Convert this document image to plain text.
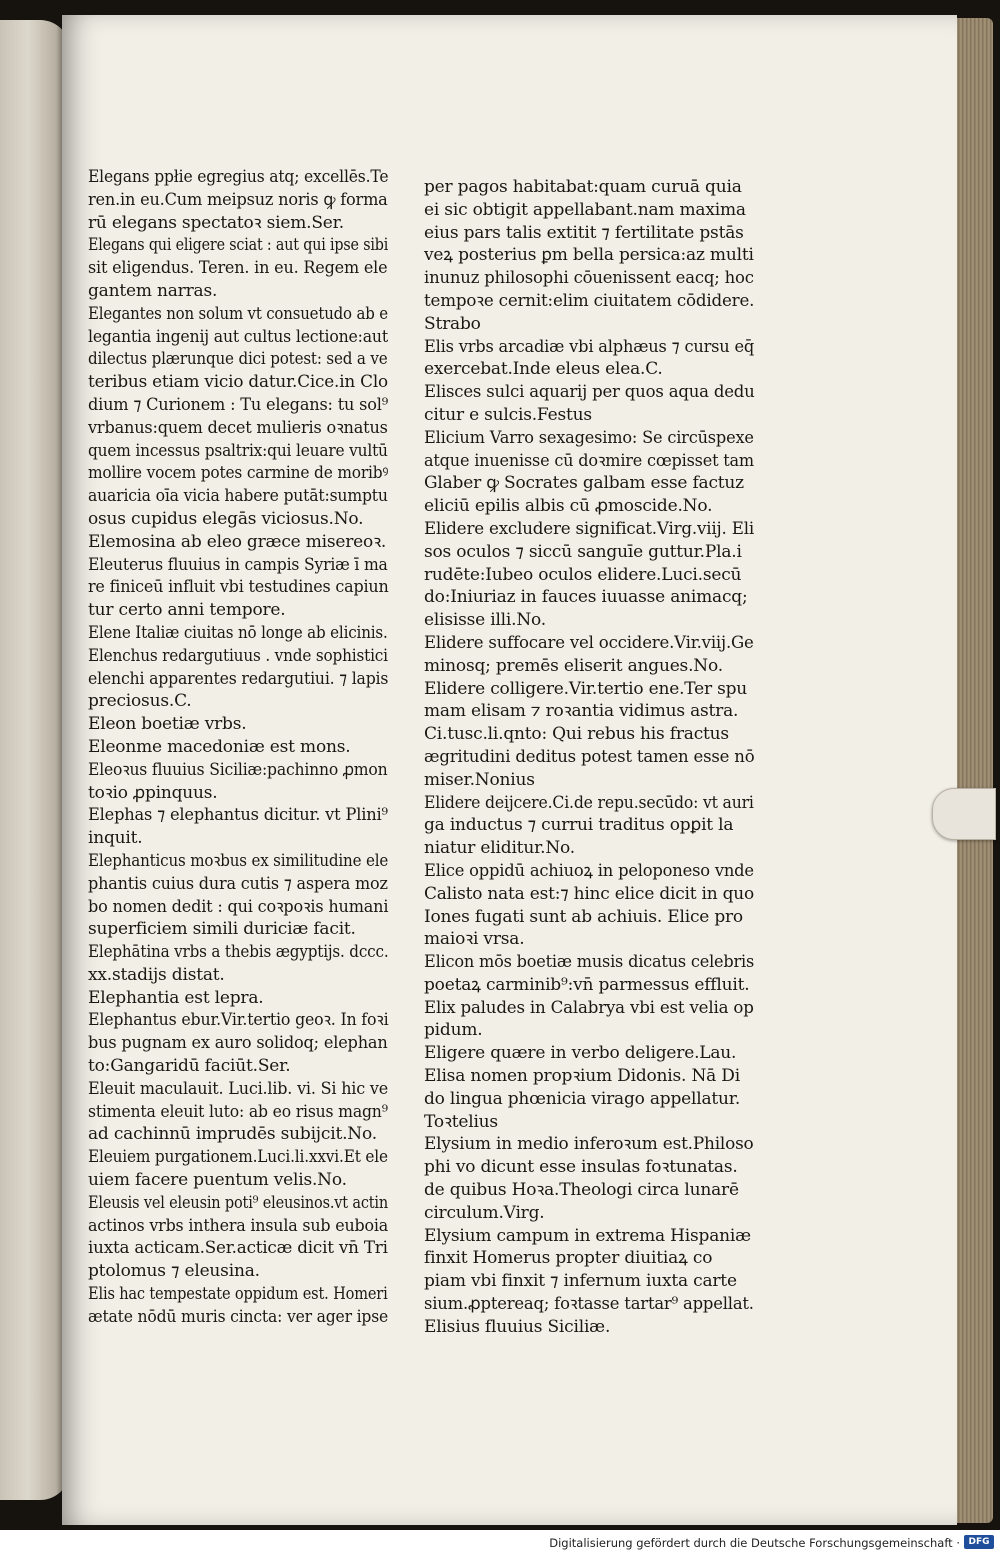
Elegans ppłie egregius atq; excellēs.Te
ren.in eu.Cum meipsuz noris ꝙ forma
rū elegans spectatoꝛ siem.Ser.
Elegans qui eligere sciat : aut qui ipse sibi
sit eligendus. Teren. in eu. Regem ele
gantem narras.
Elegantes non solum vt consuetudo ab e
legantia ingenij aut cultus lectione:aut
dilectus plærunque dici potest: sed a ve
teribus etiam vicio datur.Cice.in Clo
dium ⁊ Curionem : Tu elegans: tu sol⁹
vrbanus:quem decet mulieris oꝛnatus
quem incessus psaltrix:qui leuare vultū
mollire vocem potes carmine de moribꝰ
auaricia oīa vicia habere putāt:sumptu
osus cupidus elegās viciosus.No.
Elemosina ab eleo græce misereoꝛ.
Eleuterus fluuius in campis Syriæ ī ma
re finiceū influit vbi testudines capiun
tur certo anni tempore.
Elene Italiæ ciuitas nō longe ab elicinis.
Elenchus redargutiuus . vnde sophistici
elenchi apparentes redargutiui. ⁊ lapis
preciosus.C.
Eleon boetiæ vrbs.
Eleonme macedoniæ est mons.
Eleoꝛus fluuius Siciliæ:pachinno ꝓmon
toꝛio ꝓpinquus.
Elephas ⁊ elephantus dicitur. vt Plini⁹
inquit.
Elephanticus moꝛbus ex similitudine ele
phantis cuius dura cutis ⁊ aspera moz
bo nomen dedit : qui coꝛpoꝛis humani
superficiem simili duriciæ facit.
Elephātina vrbs a thebis ægyptijs. dccc.
xx.stadijs distat.
Elephantia est lepra.
Elephantus ebur.Vir.tertio geoꝛ. In foꝛi
bus pugnam ex auro solidoq; elephan
to:Gangaridū faciūt.Ser.
Eleuit maculauit. Luci.lib. vi. Si hic ve
stimenta eleuit luto: ab eo risus magn⁹
ad cachinnū imprudēs subijcit.No.
Eleuiem purgationem.Luci.li.xxvi.Et ele
uiem facere puentum velis.No.
Eleusis vel eleusin poti⁹ eleusinos.vt actin
actinos vrbs inthera insula sub euboia
iuxta acticam.Ser.acticæ dicit vn̄ Tri
ptolomus ⁊ eleusina.
Elis hac tempestate oppidum est. Homeri
ætate nōdū muris cincta: ver ager ipse
per pagos habitabat:quam curuā quia
ei sic obtigit appellabant.nam maxima
eius pars talis extitit ⁊ fertilitate pstās
veꝝ posterius ꝑm bella persica:az multi
inunuz philosophi cōuenissent eacq; hoc
tempoꝛe cernit:elim ciuitatem cōdidere.
Strabo
Elis vrbs arcadiæ vbi alphæus ⁊ cursu eq̄
exercebat.Inde eleus elea.C.
Elisces sulci aquarij per quos aqua dedu
citur e sulcis.Festus
Elicium Varro sexagesimo: Se circūspexe
atque inuenisse cū doꝛmire cœpisset tam
Glaber ꝙ Socrates galbam esse factuz
eliciū epilis albis cū ꝓmoscide.No.
Elidere excludere significat.Virg.viij. Eli
sos oculos ⁊ siccū sanguīe guttur.Pla.i
rudēte:Iubeo oculos elidere.Luci.secū
do:Iniuriaz in fauces iuuasse animacq;
elisisse illi.No.
Elidere suffocare vel occidere.Vir.viij.Ge
minosq; premēs eliserit angues.No.
Elidere colligere.Vir.tertio ene.Ter spu
mam elisam ⁊ roꝛantia vidimus astra.
Ci.tusc.li.qnto: Qui rebus his fractus
ægritudini deditus potest tamen esse nō
miser.Nonius
Elidere deijcere.Ci.de repu.secūdo: vt auri
ga inductus ⁊ currui traditus opꝑit la
niatur eliditur.No.
Elice oppidū achiuoꝝ in peloponeso vnde
Calisto nata est:⁊ hinc elice dicit in quo
Iones fugati sunt ab achiuis. Elice pro
maioꝛi vrsa.
Elicon mōs boetiæ musis dicatus celebris
poetaꝝ carminib⁹:vn̄ parmessus effluit.
Elix paludes in Calabrya vbi est velia op
pidum.
Eligere quære in verbo deligere.Lau.
Elisa nomen propꝛium Didonis. Nā Di
do lingua phœnicia virago appellatur.
Toꝛtelius
Elysium in medio inferoꝛum est.Philoso
phi vo dicunt esse insulas foꝛtunatas.
de quibus Hoꝛa.Theologi circa lunarē
circulum.Virg.
Elysium campum in extrema Hispaniæ
finxit Homerus propter diuitiaꝝ co
piam vbi finxit ⁊ infernum iuxta carte
sium.ꝓptereaq; foꝛtasse tartar⁹ appellat.
Elisius fluuius Siciliæ.
Digitalisierung gefördert durch die Deutsche Forschungsgemeinschaft · DFG
